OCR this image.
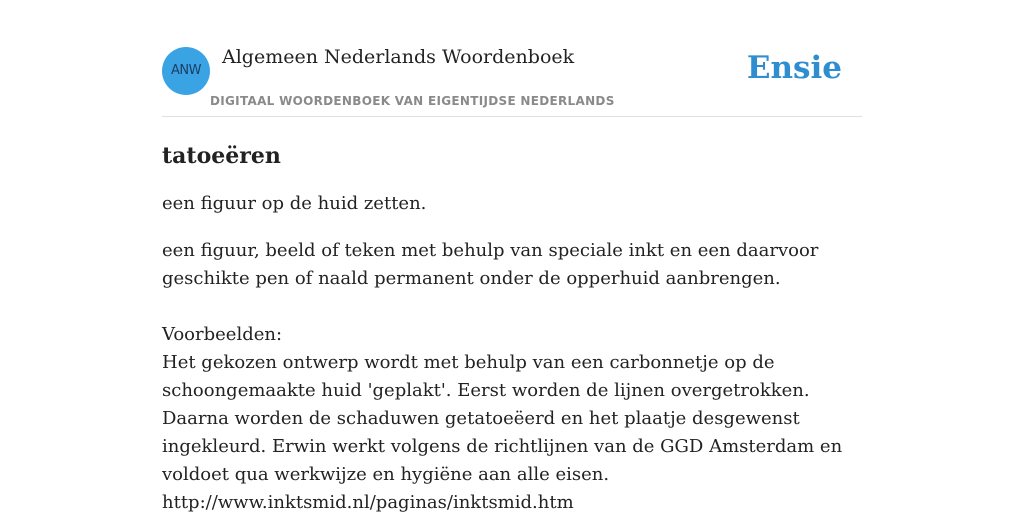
ANW
Algemeen Nederlands Woordenboek
DIGITAAL WOORDENBOEK VAN EIGENTIJDSE NEDERLANDS
Ensie
tatoeëren

een figuur op de huid zetten.

een figuur, beeld of teken met behulp van speciale inkt en een daarvoor geschikte pen of naald permanent onder de opperhuid aanbrengen.

Voorbeelden:

Het gekozen ontwerp wordt met behulp van een carbonnetje op de schoongemaakte huid 'geplakt'. Eerst worden de lijnen overgetrokken. Daarna worden de schaduwen getatoeëerd en het plaatje desgewenst ingekleurd. Erwin werkt volgens de richtlijnen van de GGD Amsterdam en voldoet qua werkwijze en hygiëne aan alle eisen.

http://www.inktsmid.nl/paginas/inktsmid.htm
